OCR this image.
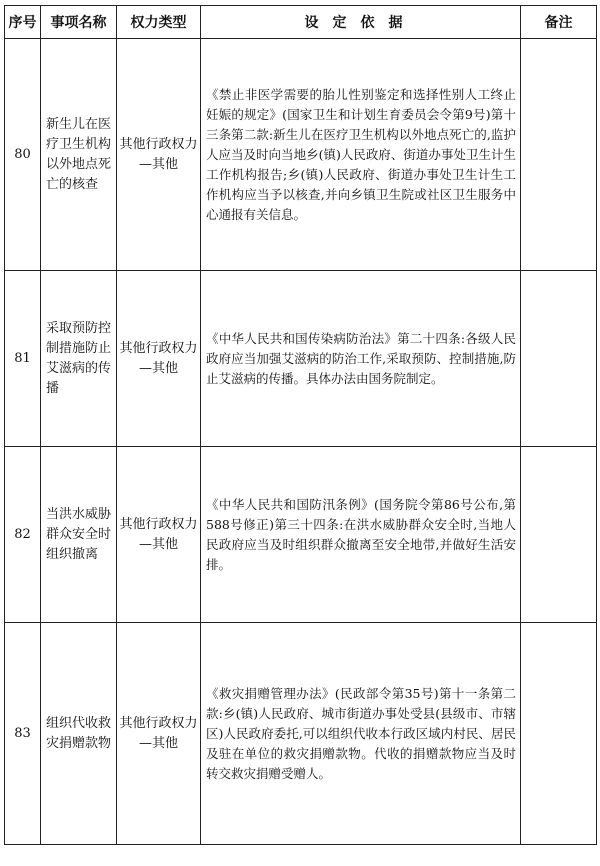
序号	事项名称	权力类型	设定依据	备注
80	新生儿在医疗卫生机构以外地点死亡的核查	其他行政权力—其他	《禁止非医学需要的胎儿性别鉴定和选择性别人工终止妊娠的规定》(国家卫生和计划生育委员会令第9号)第十三条第二款:新生儿在医疗卫生机构以外地点死亡的,监护人应当及时向当地乡(镇)人民政府、街道办事处卫生计生工作机构报告;乡(镇)人民政府、街道办事处卫生计生工作机构应当予以核查,并向乡镇卫生院或社区卫生服务中心通报有关信息。	
81	采取预防控制措施防止艾滋病的传播	其他行政权力—其他	《中华人民共和国传染病防治法》第二十四条:各级人民政府应当加强艾滋病的防治工作,采取预防、控制措施,防止艾滋病的传播。具体办法由国务院制定。	
82	当洪水威胁群众安全时组织撤离	其他行政权力—其他	《中华人民共和国防汛条例》(国务院令第86号公布,第588号修正)第三十四条:在洪水威胁群众安全时,当地人民政府应当及时组织群众撤离至安全地带,并做好生活安排。	
83	组织代收救灾捐赠款物	其他行政权力—其他	《救灾捐赠管理办法》(民政部令第35号)第十一条第二款:乡(镇)人民政府、城市街道办事处受县(县级市、市辖区)人民政府委托,可以组织代收本行政区域内村民、居民及驻在单位的救灾捐赠款物。代收的捐赠款物应当及时转交救灾捐赠受赠人。	
